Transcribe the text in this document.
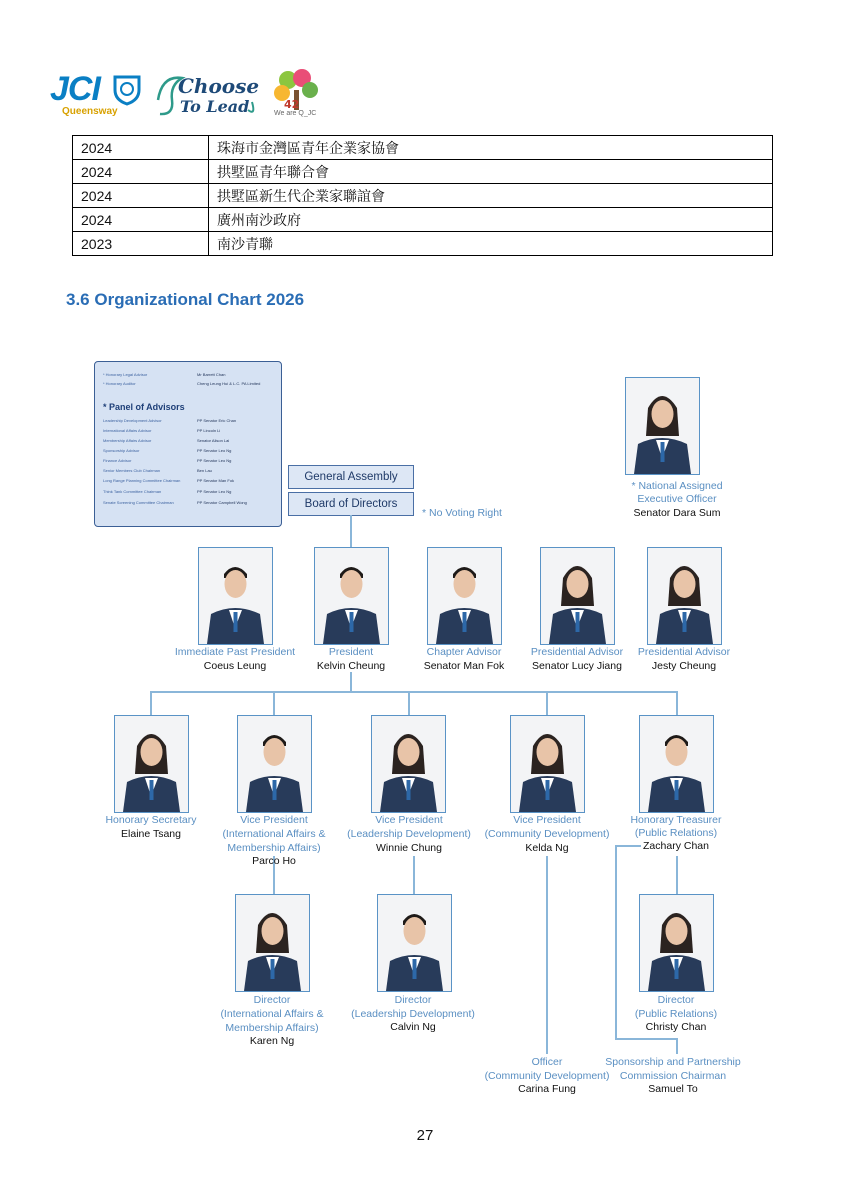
JCI
Queensway
Choose
To Lead	42
We are Q_JC
2024	珠海市金灣區青年企業家協會
2024	拱墅區青年聯合會
2024	拱墅區新生代企業家聯誼會
2024	廣州南沙政府
2023	南沙青聯
3.6 Organizational Chart 2026
* Honorary Legal Advisor	Mr Barrett Chan
* Honorary Auditor	Cheng Leung Hui & L.C. PA Limited
* Panel of Advisors
Leadership Development Advisor	PP Senator Eric Chan
International Affairs Advisor	PP Lincoln Li
Membership Affairs Advisor	Senator Alison Lai
Sponsorship Advisor	PP Senator Leo Ng
Finance Advisor	PP Senator Leo Ng
Senior Members Club Chairman	Ben Lau
Long Range Planning Committee Chairman	PP Senator Man Fok
Think Tank Committee Chairman	PP Senator Leo Ng
Senate Screening Committee Chairman	PP Senator Campbell Wong
General Assembly
Board of Directors
* No Voting Right
* National Assigned
Executive Officer
Senator Dara Sum
Immediate Past President
Coeus Leung
President
Kelvin Cheung
Chapter Advisor
Senator Man Fok
Presidential Advisor
Senator Lucy Jiang
Presidential Advisor
Jesty Cheung
Honorary Secretary
Elaine Tsang
Vice President
(International Affairs &
Membership Affairs)
Parco Ho
Vice President
(Leadership Development)
Winnie Chung
Vice President
(Community Development)
Kelda Ng
Honorary Treasurer
(Public Relations)
Zachary Chan
Director
(International Affairs &
Membership Affairs)
Karen Ng
Director
(Leadership Development)
Calvin Ng
Director
(Public Relations)
Christy Chan
Officer
(Community Development)
Carina Fung
Sponsorship and Partnership
Commission Chairman
Samuel To
27
